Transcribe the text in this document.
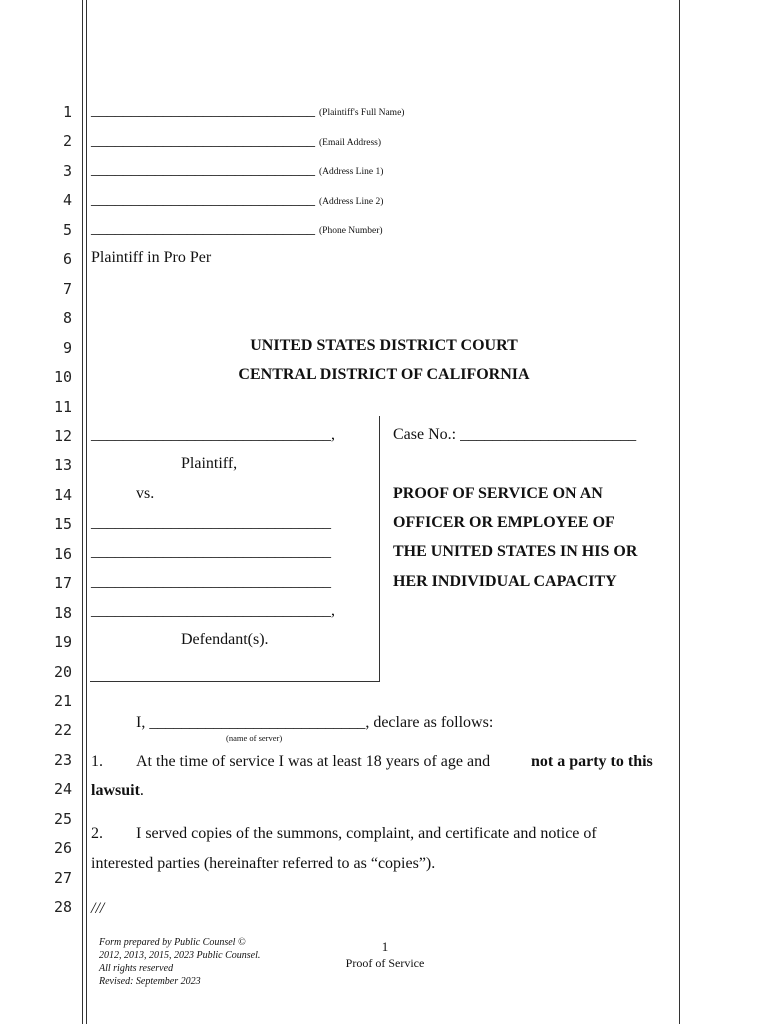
1
2
3
4
5
6
7
8
9
10
11
12
13
14
15
16
17
18
19
20
21
22
23
24
25
26
27
28
____________________________ (Plaintiff's Full Name)
____________________________ (Email Address)
____________________________ (Address Line 1)
____________________________ (Address Line 2)
____________________________ (Phone Number)
Plaintiff in Pro Per
UNITED STATES DISTRICT COURT
CENTRAL DISTRICT OF CALIFORNIA
______________________________,
Plaintiff,
vs.
______________________________
______________________________
______________________________
______________________________,
Defendant(s).
Case No.: ______________________
PROOF OF SERVICE ON AN
OFFICER OR EMPLOYEE OF
THE UNITED STATES IN HIS OR
HER INDIVIDUAL CAPACITY
I, ___________________________, declare as follows:
(name of server)
1. At the time of service I was at least 18 years of age and	not a party to this
lawsuit.
2. I served copies of the summons, complaint, and certificate and notice of
interested parties (hereinafter referred to as “copies”).
///
Form prepared by Public Counsel © 2012, 2013, 2015, 2023 Public Counsel. All rights reserved
Revised: September 2023
1
Proof of Service
